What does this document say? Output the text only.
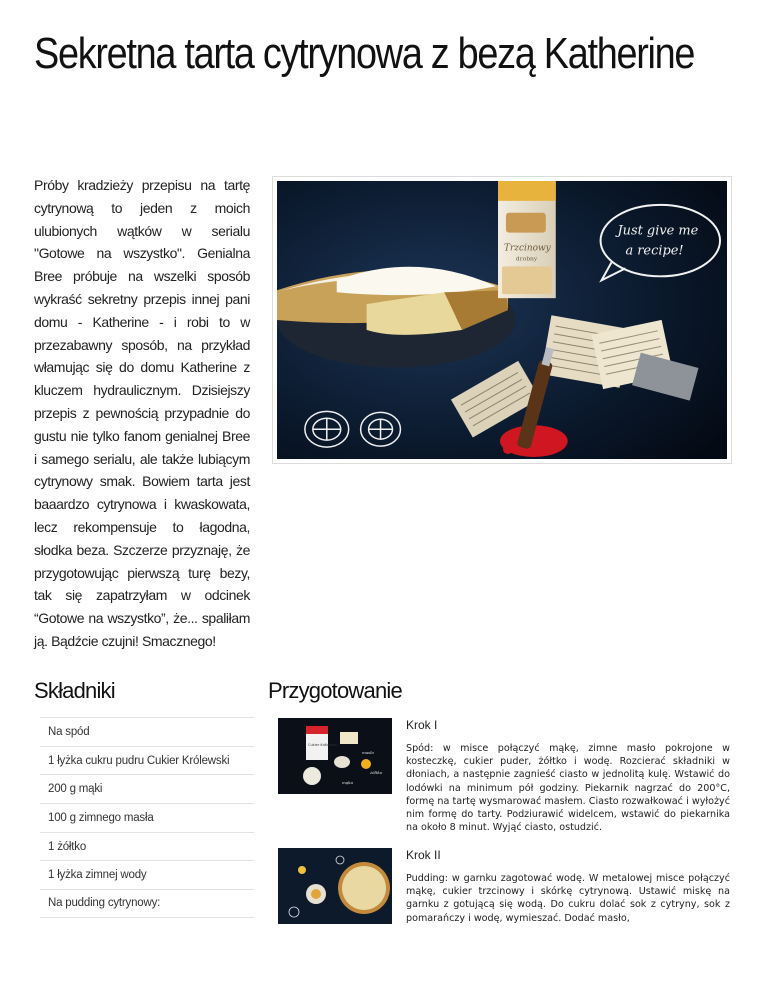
Sekretna tarta cytrynowa z bezą Katherine

Próby kradzieży przepisu na tartę cytrynową to jeden z moich ulubionych wątków w serialu "Gotowe na wszystko". Genialna Bree próbuje na wszelki sposób wykraść sekretny przepis innej pani domu - Katherine - i robi to w przezabawny sposób, na przykład włamując się do domu Katherine z kluczem hydraulicznym. Dzisiejszy przepis z pewnością przypadnie do gustu nie tylko fanom genialnej Bree i samego serialu, ale także lubiącym cytrynowy smak. Bowiem tarta jest baaardzo cytrynowa i kwaskowata, lecz rekompensuje to łagodna, słodka beza. Szczerze przyznaję, że przygotowując pierwszą turę bezy, tak się zapatrzyłam w odcinek “Gotowe na wszystko”, że... spaliłam ją. Bądźcie czujni! Smacznego!

Trzcinowy
drobny
Just give me a recipe!
Składniki	Przygotowanie
Na spód
1 łyżka cukru pudru Cukier Królewski
200 g mąki
100 g zimnego masła
1 żółtko
1 łyżka zimnej wody
Na pudding cytrynowy:
Cukier Królewski
mąka
masło
żółtko
Krok I

Spód: w misce połączyć mąkę, zimne masło pokrojone w kosteczkę, cukier puder, żółtko i wodę. Rozcierać składniki w dłoniach, a następnie zagnieść ciasto w jednolitą kulę. Wstawić do lodówki na minimum pół godziny. Piekarnik nagrzać do 200°C, formę na tartę wysmarować masłem. Ciasto rozwałkować i wyłożyć nim formę do tarty. Podziurawić widelcem, wstawić do piekarnika na około 8 minut. Wyjąć ciasto, ostudzić.

Krok II

Pudding: w garnku zagotować wodę. W metalowej misce połączyć mąkę, cukier trzcinowy i skórkę cytrynową. Ustawić miskę na garnku z gotującą się wodą. Do cukru dolać sok z cytryny, sok z pomarańczy i wodę, wymieszać. Dodać masło,
